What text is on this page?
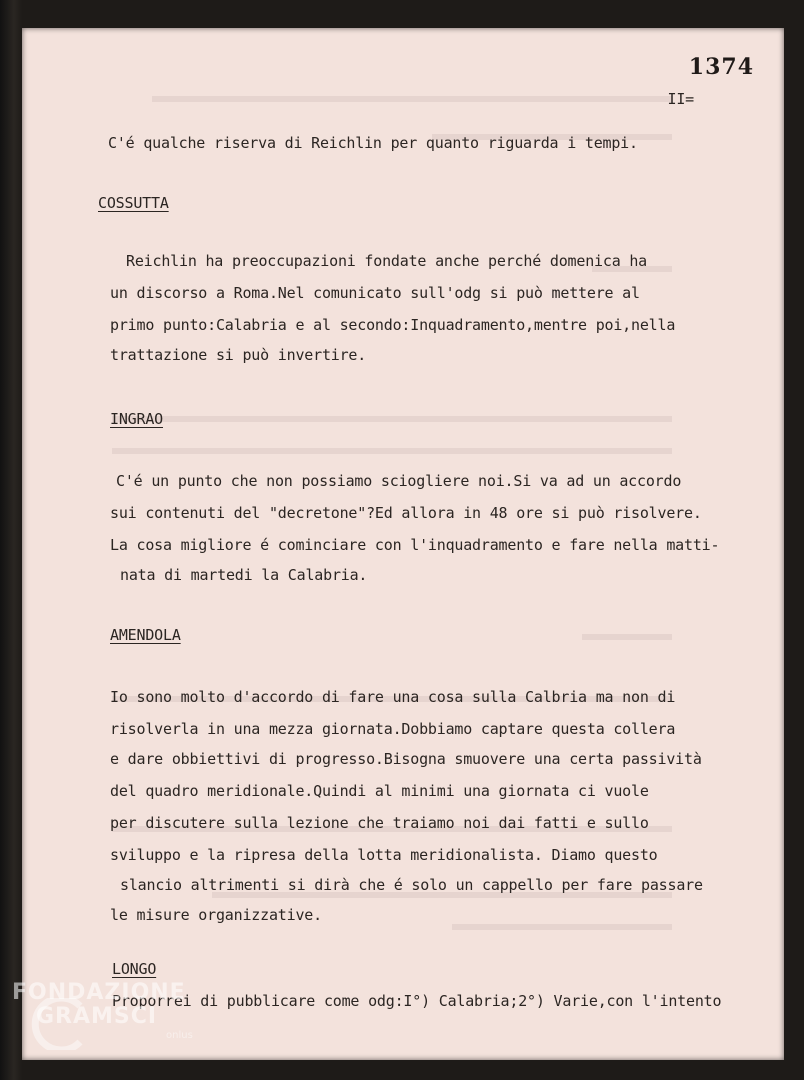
1374
II=
C'é qualche riserva di Reichlin per quanto riguarda i tempi.
COSSUTTA
Reichlin ha preoccupazioni fondate anche perché domenica ha
un discorso a Roma.Nel comunicato sull'odg si può mettere al
primo punto:Calabria e al secondo:Inquadramento,mentre poi,nella
trattazione si può invertire.
INGRAO
C'é un punto che non possiamo sciogliere noi.Si va ad un accordo
sui contenuti del "decretone"?Ed allora in 48 ore si può risolvere.
La cosa migliore é cominciare con l'inquadramento e fare nella matti-
nata di martedi la Calabria.
AMENDOLA
Io sono molto d'accordo di fare una cosa sulla Calbria ma non di
risolverla in una mezza giornata.Dobbiamo captare questa collera
e dare obbiettivi di progresso.Bisogna smuovere una certa passività
del quadro meridionale.Quindi al minimi una giornata ci vuole
per discutere sulla lezione che traiamo noi dai fatti e sullo
sviluppo e la ripresa della lotta meridionalista. Diamo questo
slancio altrimenti si dirà che é solo un cappello per fare passare
le misure organizzative.
LONGO
Proporrei di pubblicare come odg:I°) Calabria;2°) Varie,con l'intento
FONDAZIONE
GRAMSCI
onlus
